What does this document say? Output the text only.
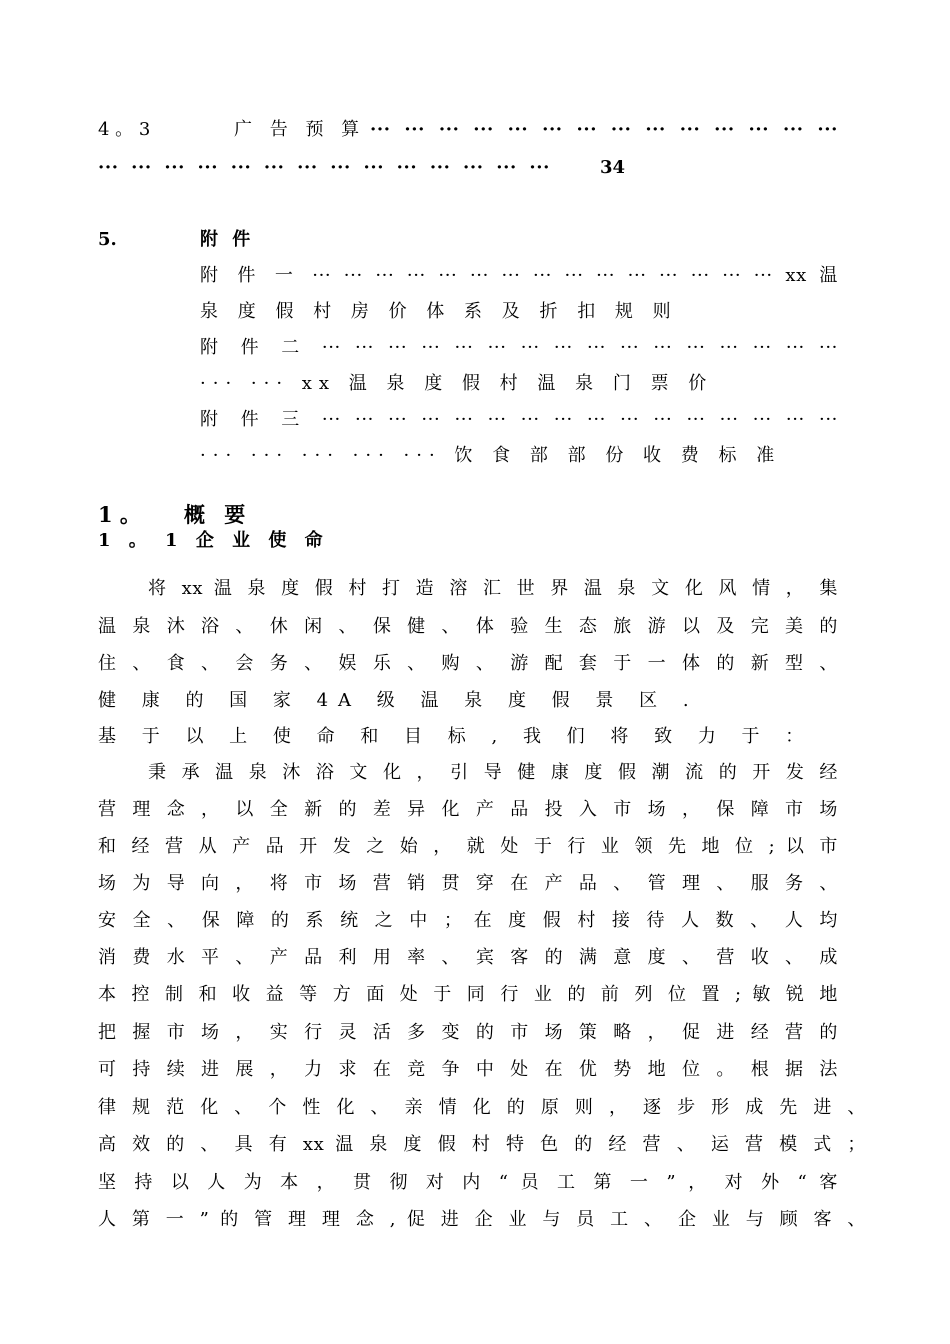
4 。 3	广 告 预 算 ··· ··· ··· ··· ··· ··· ··· ··· ··· ··· ··· ··· ··· ···
··· ··· ··· ··· ··· ··· ··· ··· ··· ··· ··· ··· ··· ···	34
5.	附 件
附 件 一 ··· ··· ··· ··· ··· ··· ··· ··· ··· ··· ··· ··· ··· ··· ··· xx 温
泉 度 假 村 房 价 体 系 及 折 扣 规 则
附 件 二 ··· ··· ··· ··· ··· ··· ··· ··· ··· ··· ··· ··· ··· ··· ··· ···
··· ··· xx 温 泉 度 假 村 温 泉 门 票 价
附 件 三 ··· ··· ··· ··· ··· ··· ··· ··· ··· ··· ··· ··· ··· ··· ··· ···
··· ··· ··· ··· ··· 饮 食 部 部 份 收 费 标 准
1 。 概 要
1 。 1 企 业 使 命
将 xx 温 泉 度 假 村 打 造 溶 汇 世 界 温 泉 文 化 风 情 ， 集
温 泉 沐 浴 、 休 闲 、 保 健 、 体 验 生 态 旅 游 以 及 完 美 的
住 、 食 、 会 务 、 娱 乐 、 购 、 游 配 套 于 一 体 的 新 型 、
健 康 的 国 家 4A 级 温 泉 度 假 景 区 .
基 于 以 上 使 命 和 目 标 , 我 们 将 致 力 于 ：
秉 承 温 泉 沐 浴 文 化 ， 引 导 健 康 度 假 潮 流 的 开 发 经
营 理 念 ， 以 全 新 的 差 异 化 产 品 投 入 市 场 ， 保 障 市 场
和 经 营 从 产 品 开 发 之 始 ， 就 处 于 行 业 领 先 地 位 ; 以 市
场 为 导 向 ， 将 市 场 营 销 贯 穿 在 产 品 、 管 理 、 服 务 、
安 全 、 保 障 的 系 统 之 中 ； 在 度 假 村 接 待 人 数 、 人 均
消 费 水 平 、 产 品 利 用 率 、 宾 客 的 满 意 度 、 营 收 、 成
本 控 制 和 收 益 等 方 面 处 于 同 行 业 的 前 列 位 置 ; 敏 锐 地
把 握 市 场 ， 实 行 灵 活 多 变 的 市 场 策 略 ， 促 进 经 营 的
可 持 续 进 展 ， 力 求 在 竞 争 中 处 在 优 势 地 位 。 根 据 法
律 规 范 化 、 个 性 化 、 亲 情 化 的 原 则 ， 逐 步 形 成 先 进 、
高 效 的 、 具 有 xx 温 泉 度 假 村 特 色 的 经 营 、 运 营 模 式 ；
坚 持 以 人 为 本 ， 贯 彻 对 内 “ 员 工 第 一 ” ， 对 外 “ 客
人 第 一 ” 的 管 理 理 念 , 促 进 企 业 与 员 工 、 企 业 与 顾 客 、
